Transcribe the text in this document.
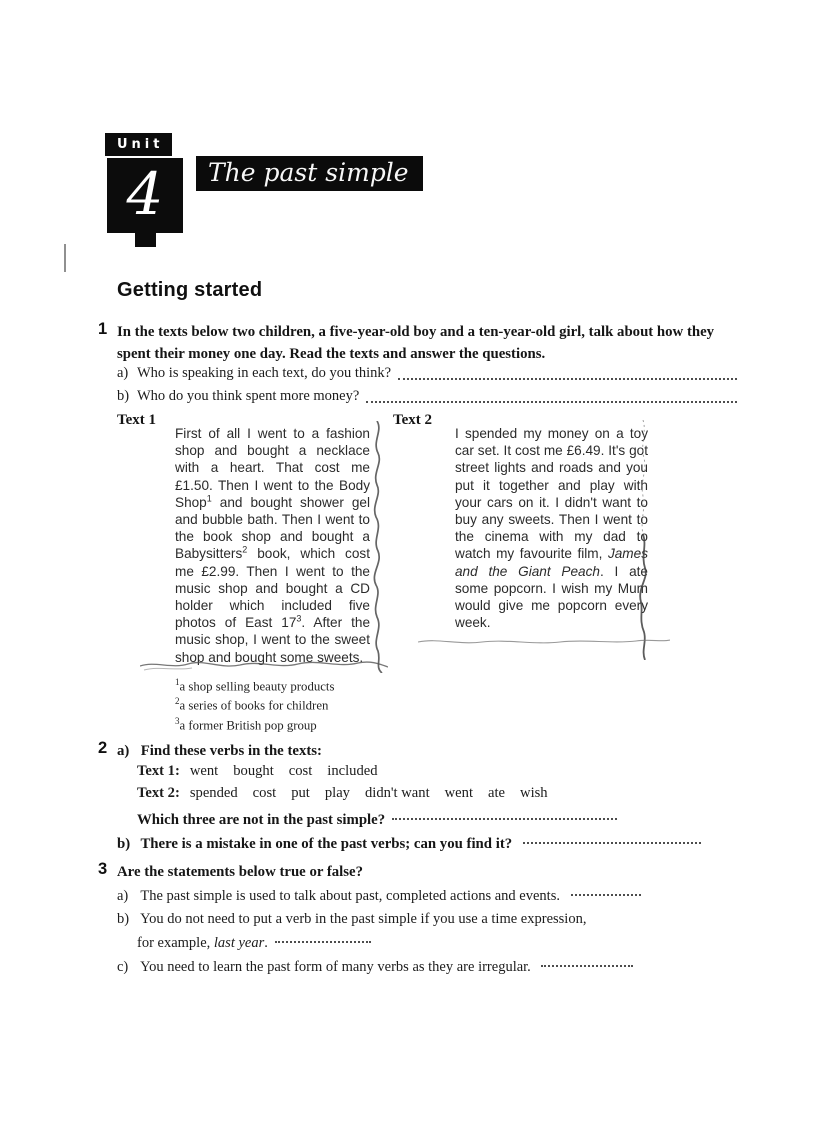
Unit
4 The past simple
Getting started
1 In the texts below two children, a five-year-old boy and a ten-year-old girl, talk about how they spent their money one day. Read the texts and answer the questions.
a) Who is speaking in each text, do you think?
b) Who do you think spent more money?
Text 1	Text 2
First of all I went to a fashion shop and bought a necklace with a heart. That cost me £1.50. Then I went to the Body Shop$^1$ and bought shower gel and bubble bath. Then I went to the book shop and bought a Babysitters$^2$ book, which cost me £2.99. Then I went to the music shop and bought a CD holder which included five photos of East $17^3$. After the music shop, I went to the sweet shop and bought some sweets.
I spended my money on a toy car set. It cost me £6.49. It's got street lights and roads and you put it together and play with your cars on it. I didn't want to buy any sweets. Then I went to the cinema with my dad to watch my favourite film, James and the Giant Peach. I ate some popcorn. I wish my Mum would give me popcorn every week.
$^1$a shop selling beauty products
$^2$a series of books for children
$^3$a former British pop group
2 a) Find these verbs in the texts:
Text 1: went bought cost included
Text 2: spended cost put play didn't want went ate wish
Which three are not in the past simple?
b) There is a mistake in one of the past verbs; can you find it?
3 Are the statements below true or false?
a) The past simple is used to talk about past, completed actions and events.
b) You do not need to put a verb in the past simple if you use a time expression,
for example, last year.
c) You need to learn the past form of many verbs as they are irregular.
